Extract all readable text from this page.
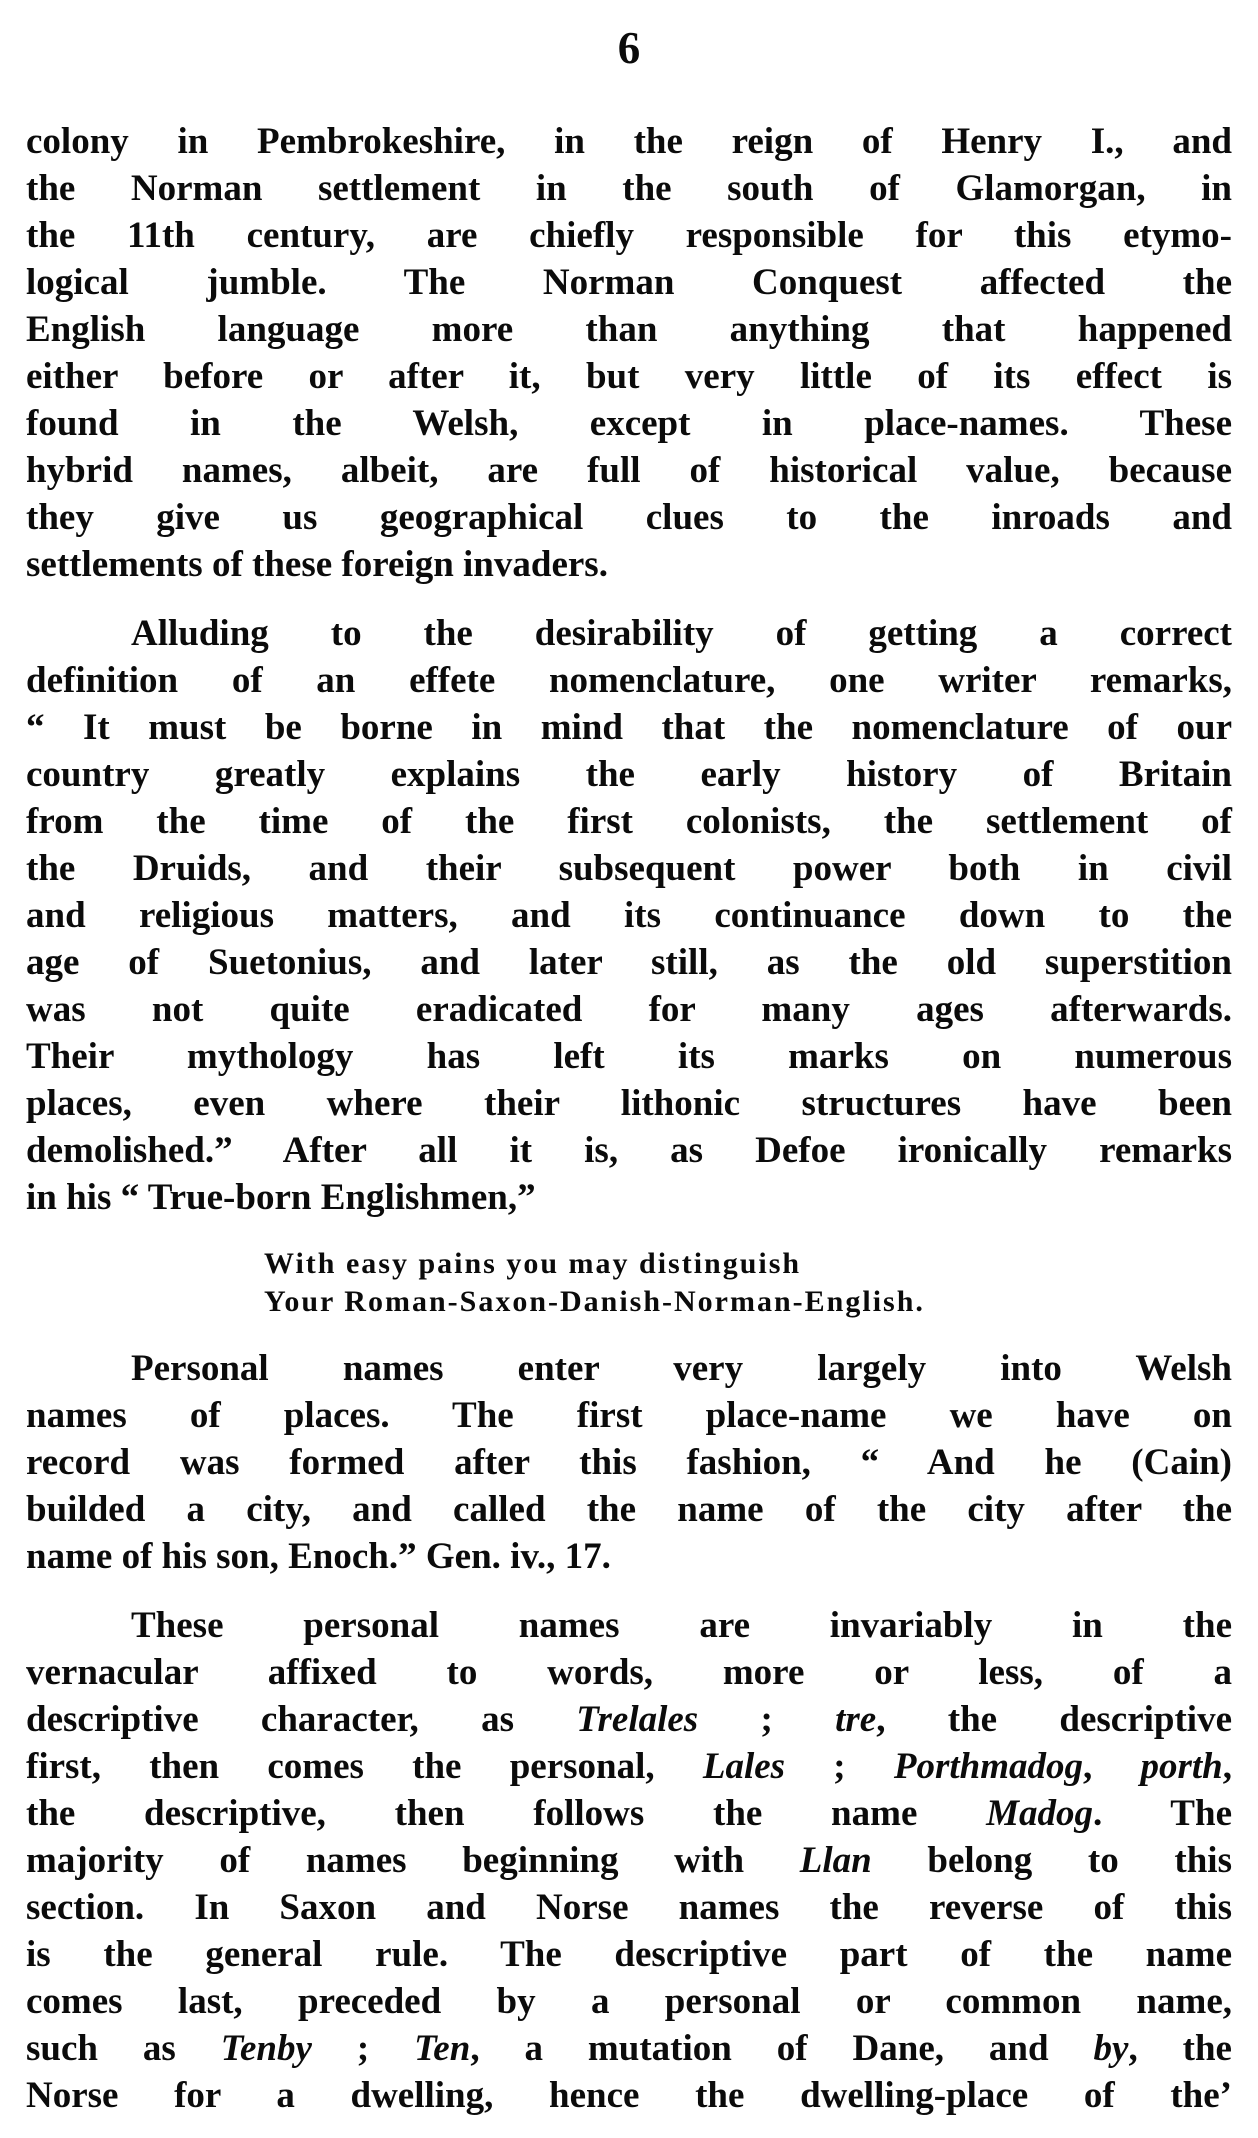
6
colony in Pembrokeshire, in the reign of Henry I., and
the Norman settlement in the south of Glamorgan, in
the 11th century, are chiefly responsible for this etymo-
logical jumble. The Norman Conquest affected the
English language more than anything that happened
either before or after it, but very little of its effect is
found in the Welsh, except in place-names. These
hybrid names, albeit, are full of historical value, because
they give us geographical clues to the inroads and
settlements of these foreign invaders.
Alluding to the desirability of getting a correct
definition of an effete nomenclature, one writer remarks,
“ It must be borne in mind that the nomenclature of our
country greatly explains the early history of Britain
from the time of the first colonists, the settlement of
the Druids, and their subsequent power both in civil
and religious matters, and its continuance down to the
age of Suetonius, and later still, as the old superstition
was not quite eradicated for many ages afterwards.
Their mythology has left its marks on numerous
places, even where their lithonic structures have been
demolished.” After all it is, as Defoe ironically remarks
in his “ True-born Englishmen,”
With easy pains you may distinguish
Your Roman-Saxon-Danish-Norman-English.
Personal names enter very largely into Welsh
names of places. The first place-name we have on
record was formed after this fashion, “ And he (Cain)
builded a city, and called the name of the city after the
name of his son, Enoch.” Gen. iv., 17.
These personal names are invariably in the
vernacular affixed to words, more or less, of a
descriptive character, as Trelales ; tre, the descriptive
first, then comes the personal, Lales ; Porthmadog, porth,
the descriptive, then follows the name Madog. The
majority of names beginning with Llan belong to this
section. In Saxon and Norse names the reverse of this
is the general rule. The descriptive part of the name
comes last, preceded by a personal or common name,
such as Tenby ; Ten, a mutation of Dane, and by, the
Norse for a dwelling, hence the dwelling-place of the’
